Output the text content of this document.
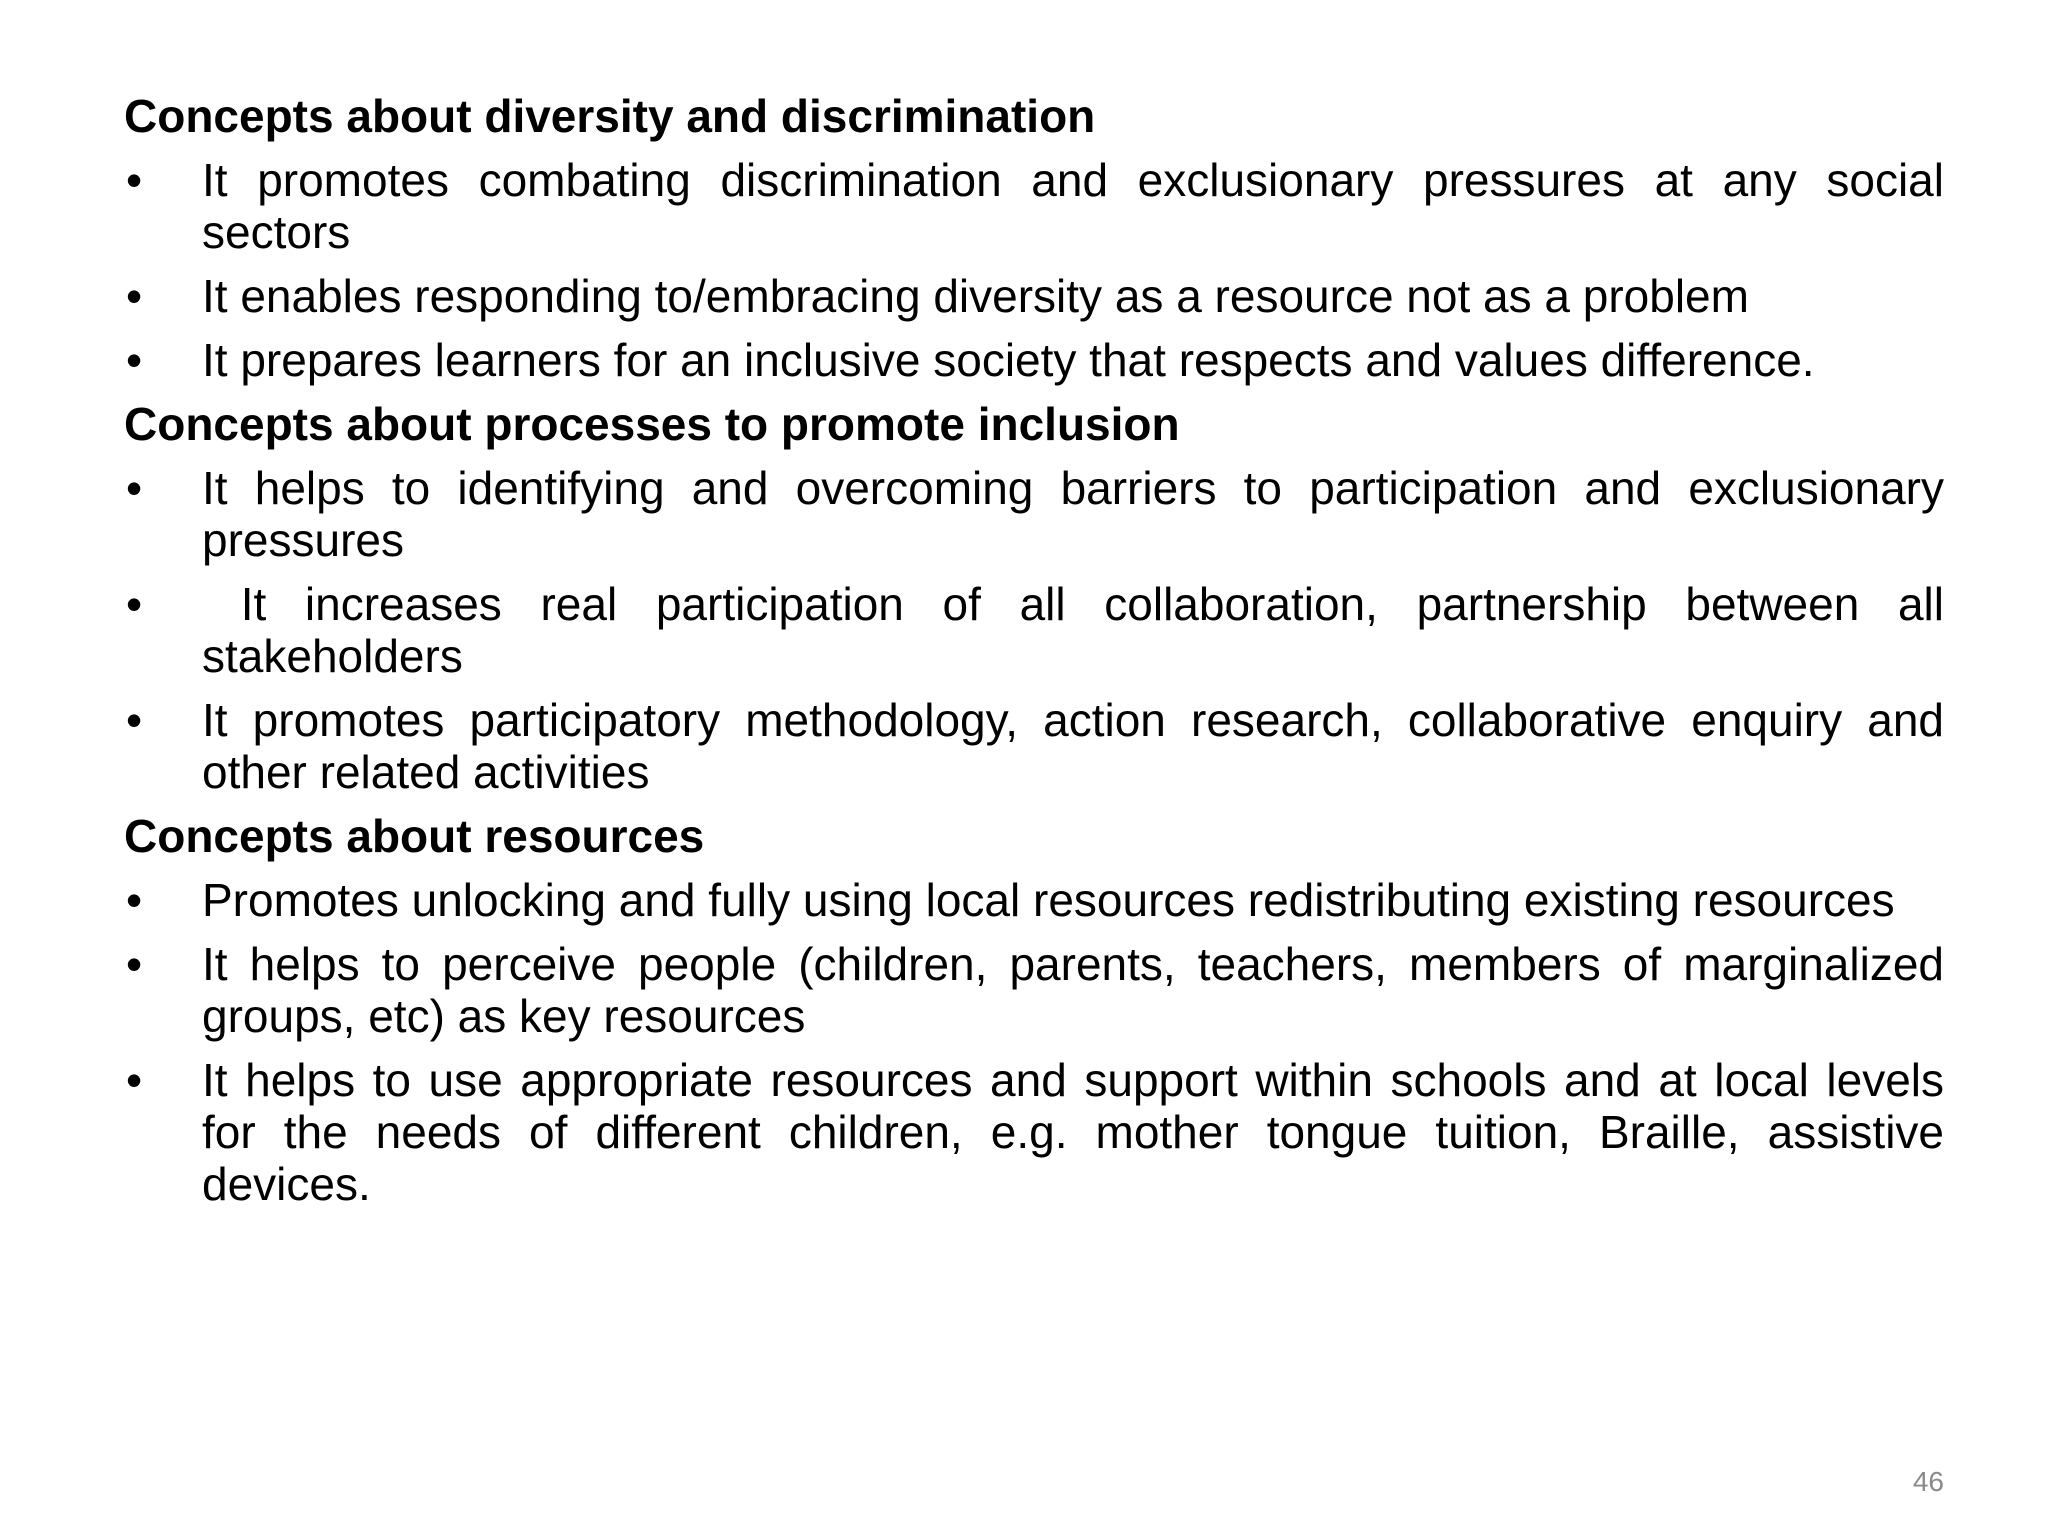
Concepts about diversity and discrimination
•	It promotes combating discrimination and exclusionary pressures at any social sectors
•	It enables responding to/embracing diversity as a resource not as a problem
•	It prepares learners for an inclusive society that respects and values difference.
Concepts about processes to promote inclusion
•	It helps to identifying and overcoming barriers to participation and exclusionary pressures
•	It increases real participation of all collaboration, partnership between all stakeholders
•	It promotes participatory methodology, action research, collaborative enquiry and other related activities
Concepts about resources
•	Promotes unlocking and fully using local resources redistributing existing resources
•	It helps to perceive people (children, parents, teachers, members of marginalized groups, etc) as key resources
•	It helps to use appropriate resources and support within schools and at local levels   for the needs of different children, e.g. mother tongue tuition, Braille, assistive devices.
46
